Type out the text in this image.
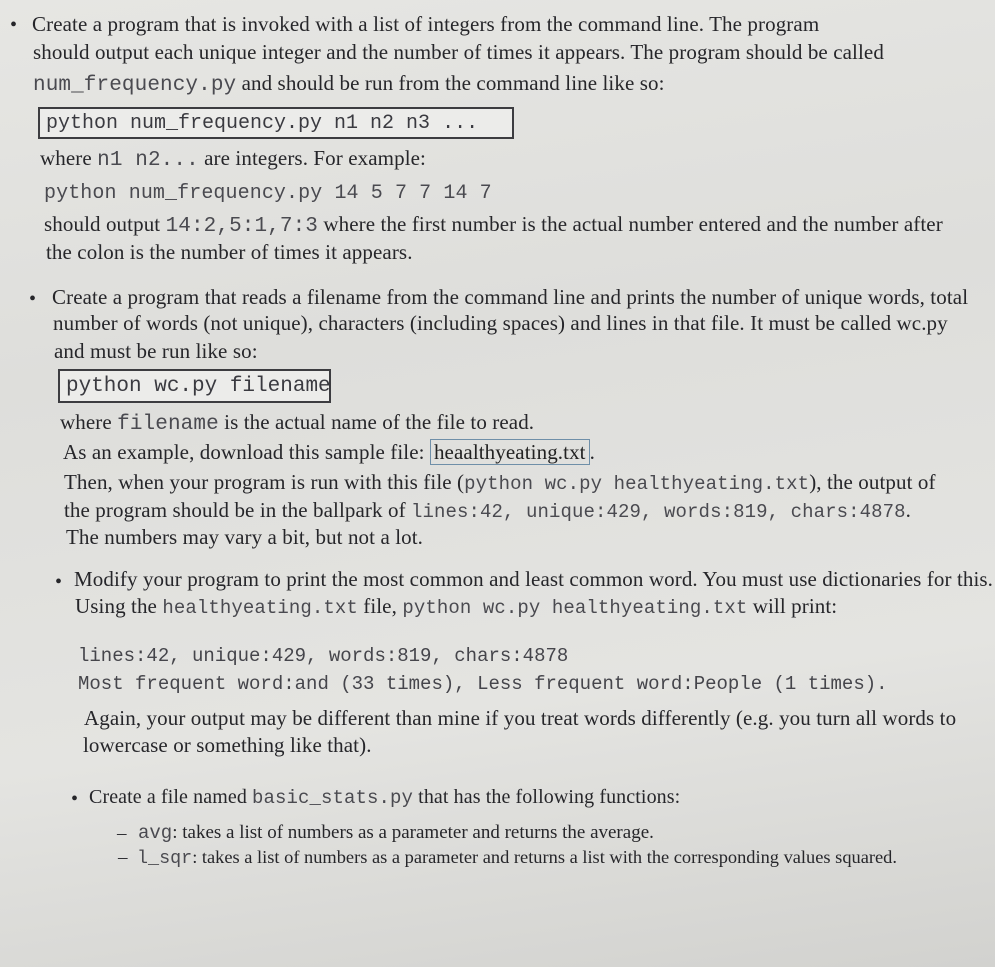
• Create a program that is invoked with a list of integers from the command line. The program
should output each unique integer and the number of times it appears. The program should be called
num_frequency.py and should be run from the command line like so:
python num_frequency.py n1 n2 n3 ...
where n1 n2... are integers. For example:
python num_frequency.py 14 5 7 7 14 7
should output 14:2,5:1,7:3 where the first number is the actual number entered and the number after
the colon is the number of times it appears.
• Create a program that reads a filename from the command line and prints the number of unique words, total
number of words (not unique), characters (including spaces) and lines in that file. It must be called wc.py
and must be run like so:
python wc.py filename
where filename is the actual name of the file to read.
As an example, download this sample file: heaalthyeating.txt .
Then, when your program is run with this file (python wc.py healthyeating.txt), the output of
the program should be in the ballpark of lines:42, unique:429, words:819, chars:4878.
The numbers may vary a bit, but not a lot.
• Modify your program to print the most common and least common word. You must use dictionaries for this.
Using the healthyeating.txt file, python wc.py healthyeating.txt will print:
lines:42, unique:429, words:819, chars:4878
Most frequent word:and (33 times), Less frequent word:People (1 times).
Again, your output may be different than mine if you treat words differently (e.g. you turn all words to
lowercase or something like that).
• Create a file named basic_stats.py that has the following functions:
– avg: takes a list of numbers as a parameter and returns the average.
– l_sqr: takes a list of numbers as a parameter and returns a list with the corresponding values squared.
